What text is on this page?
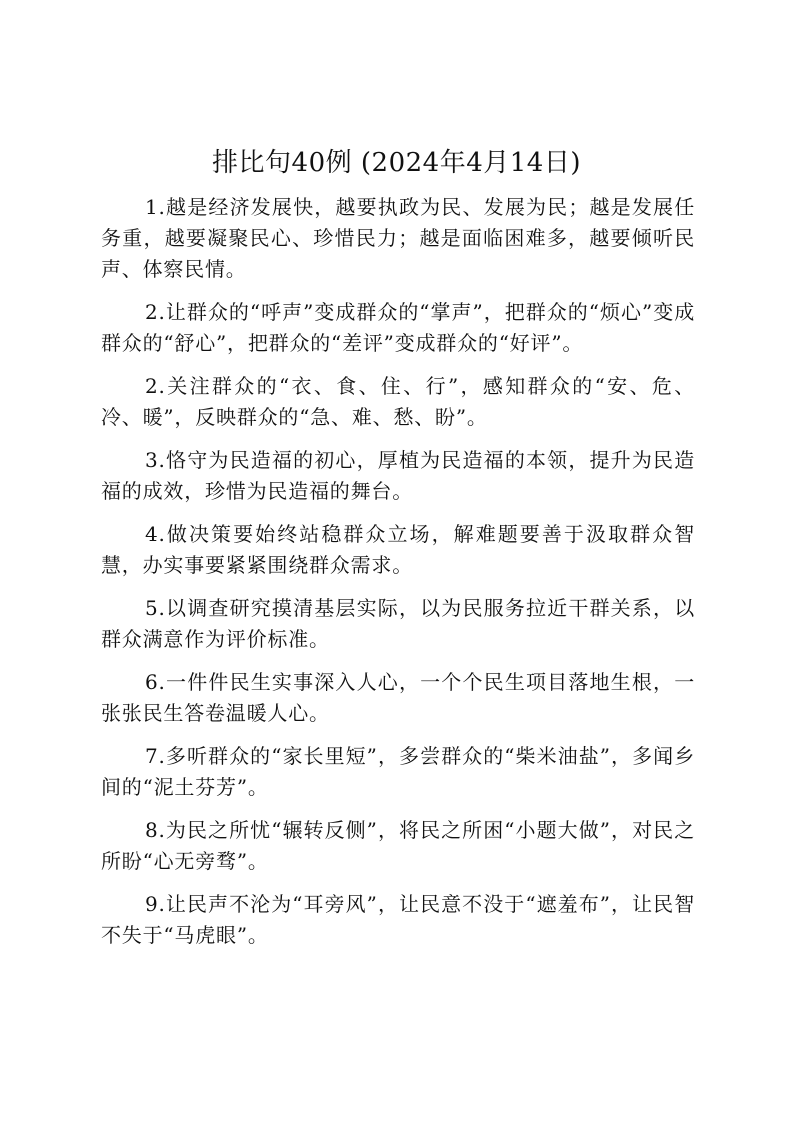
排比句40例 (2024年4月14日)

1.越是经济发展快，越要执政为民、发展为民；越是发展任务重，越要凝聚民心、珍惜民力；越是面临困难多，越要倾听民声、体察民情。

2.让群众的“呼声”变成群众的“掌声”，把群众的“烦心”变成群众的“舒心”，把群众的“差评”变成群众的“好评”。

2.关注群众的“衣、食、住、行”，感知群众的“安、危、冷、暖”，反映群众的“急、难、愁、盼”。

3.恪守为民造福的初心，厚植为民造福的本领，提升为民造福的成效，珍惜为民造福的舞台。

4.做决策要始终站稳群众立场，解难题要善于汲取群众智慧，办实事要紧紧围绕群众需求。

5.以调查研究摸清基层实际，以为民服务拉近干群关系，以群众满意作为评价标准。

6.一件件民生实事深入人心，一个个民生项目落地生根，一张张民生答卷温暖人心。

7.多听群众的“家长里短”，多尝群众的“柴米油盐”，多闻乡间的“泥土芬芳”。

8.为民之所忧“辗转反侧”，将民之所困“小题大做”，对民之所盼“心无旁骛”。

9.让民声不沦为“耳旁风”，让民意不没于“遮羞布”，让民智不失于“马虎眼”。
